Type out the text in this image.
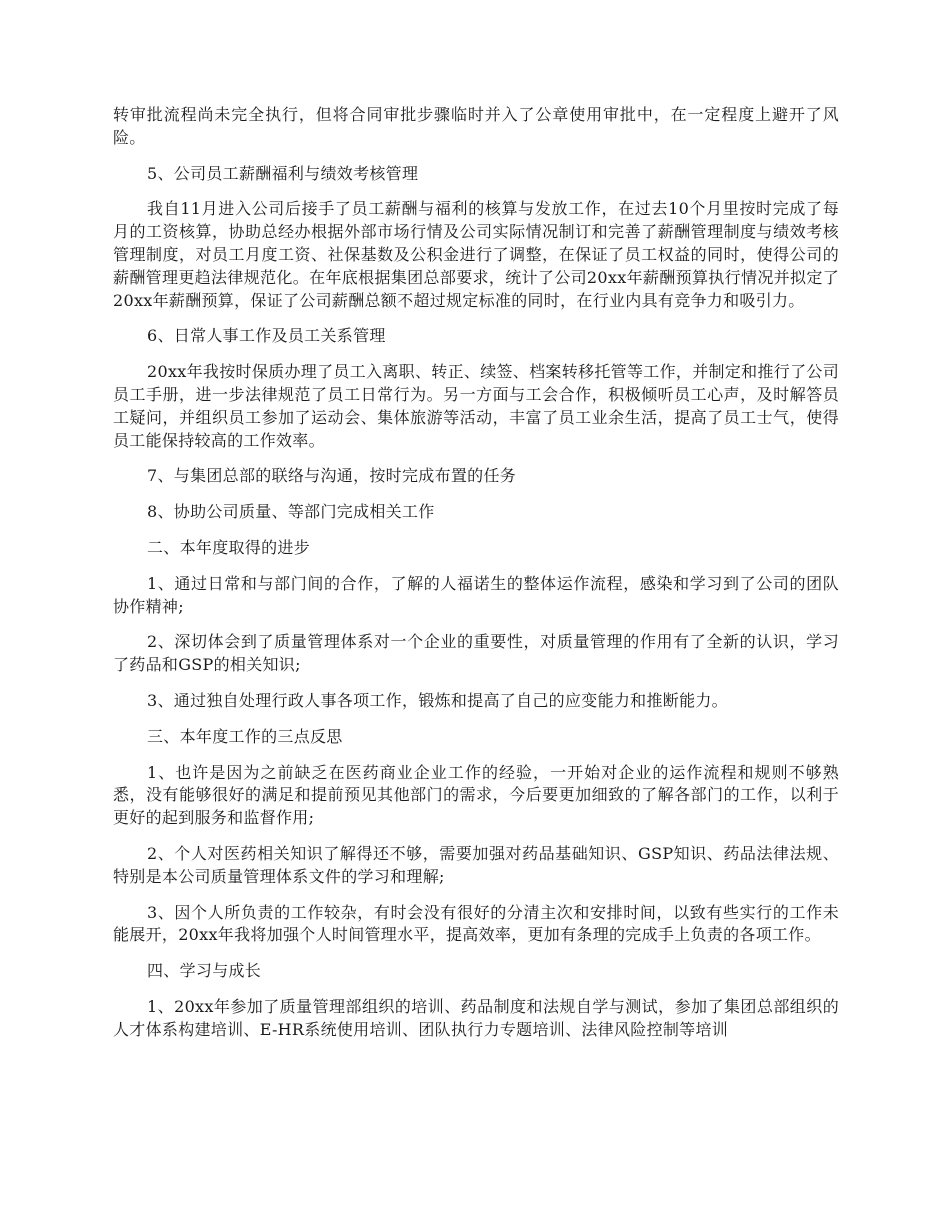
转审批流程尚未完全执行，但将合同审批步骤临时并入了公章使用审批中，在一定程度上避开了风险。

5、公司员工薪酬福利与绩效考核管理

我自11月进入公司后接手了员工薪酬与福利的核算与发放工作，在过去10个月里按时完成了每月的工资核算，协助总经办根据外部市场行情及公司实际情况制订和完善了薪酬管理制度与绩效考核管理制度，对员工月度工资、社保基数及公积金进行了调整，在保证了员工权益的同时，使得公司的薪酬管理更趋法律规范化。在年底根据集团总部要求，统计了公司20xx年薪酬预算执行情况并拟定了20xx年薪酬预算，保证了公司薪酬总额不超过规定标准的同时，在行业内具有竞争力和吸引力。

6、日常人事工作及员工关系管理

20xx年我按时保质办理了员工入离职、转正、续签、档案转移托管等工作，并制定和推行了公司员工手册，进一步法律规范了员工日常行为。另一方面与工会合作，积极倾听员工心声，及时解答员工疑问，并组织员工参加了运动会、集体旅游等活动，丰富了员工业余生活，提高了员工士气，使得员工能保持较高的工作效率。

7、与集团总部的联络与沟通，按时完成布置的任务

8、协助公司质量、等部门完成相关工作

二、本年度取得的进步

1、通过日常和与部门间的合作，了解的人福诺生的整体运作流程，感染和学习到了公司的团队协作精神;

2、深切体会到了质量管理体系对一个企业的重要性，对质量管理的作用有了全新的认识，学习了药品和GSP的相关知识;

3、通过独自处理行政人事各项工作，锻炼和提高了自己的应变能力和推断能力。

三、本年度工作的三点反思

1、也许是因为之前缺乏在医药商业企业工作的经验，一开始对企业的运作流程和规则不够熟悉，没有能够很好的满足和提前预见其他部门的需求，今后要更加细致的了解各部门的工作，以利于更好的起到服务和监督作用;

2、个人对医药相关知识了解得还不够，需要加强对药品基础知识、GSP知识、药品法律法规、特别是本公司质量管理体系文件的学习和理解;

3、因个人所负责的工作较杂，有时会没有很好的分清主次和安排时间，以致有些实行的工作未能展开，20xx年我将加强个人时间管理水平，提高效率，更加有条理的完成手上负责的各项工作。

四、学习与成长

1、20xx年参加了质量管理部组织的培训、药品制度和法规自学与测试，参加了集团总部组织的人才体系构建培训、E-HR系统使用培训、团队执行力专题培训、法律风险控制等培训
